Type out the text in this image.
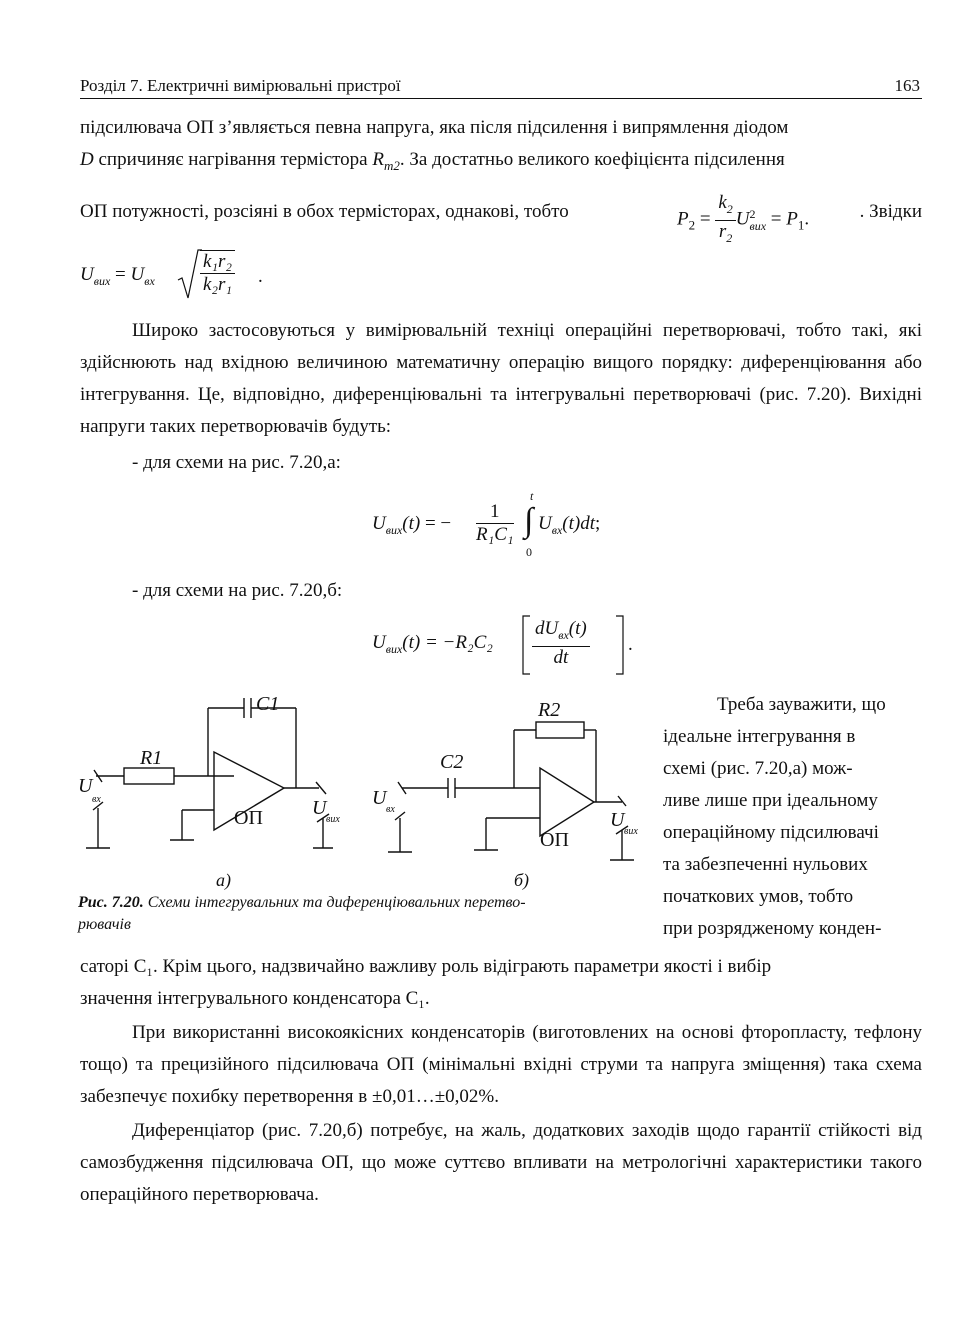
Розділ 7. Електричні вимірювальні пристрої	163
підсилювача ОП з’являється певна напруга, яка після підсилення і випрямлення діодом
D спричиняє нагрівання термістора $R_{m2}$. За достатньо великого коефіцієнта підсилення
ОП потужності, розсіяні в обох термісторах, однакові, тобто	$P_2 = \frac{k_2}{r_2}$ U 2
вих = $P_1$.	. Звідки
$U_{вих} = U_{вх} \frac{\text{k₁r₂}}{\text{k₂r₁}}$ .
Широко застосовуються у вимірювальній техніці операційні перетворювачі, тобто такі, які здійснюють над вхідною величиною математичну операцію вищого порядку: диференціювання або інтегрування. Це, відповідно, диференціювальні та інтегрувальні перетворювачі (рис. 7.20). Вихідні напруги таких перетворювачів будуть:
- для схеми на рис. 7.20,а:
$U_{вих}(t)$ = − $\frac{1}{\text{R₁C₁}}$
t
∫
0
$U_{вх}(t)dt$;
- для схеми на рис. 7.20,б:
$U_{вих}(t) = -R_2C_2$
$dU_{вх}(t)$
dt
.
C1
R1
ОП
U
вх	U
вих
а)
C2
R2
ОП
U
вх	U
вих
б)
Рис. 7.20. Схеми інтегрувальних та диференціювальних перетво-
рювачів
Треба зауважити, що
ідеальне інтегрування в
схемі (рис. 7.20,а) мож-
ливе лише при ідеальному
операційному підсилювачі
та забезпеченні нульових
початкових умов, тобто
при розрядженому конден-
саторі C₁. Крім цього, надзвичайно важливу роль відіграють параметри якості і вибір
значення інтегрувального конденсатора C₁.
При використанні високоякісних конденсаторів (виготовлених на основі фторопласту, тефлону тощо) та прецизійного підсилювача ОП (мінімальні вхідні струми та напруга зміщення) така схема забезпечує похибку перетворення в ±0,01…±0,02%.
Диференціатор (рис. 7.20,б) потребує, на жаль, додаткових заходів щодо гарантії стійкості від самозбудження підсилювача ОП, що може суттєво впливати на метрологічні характеристики такого операційного перетворювача.
